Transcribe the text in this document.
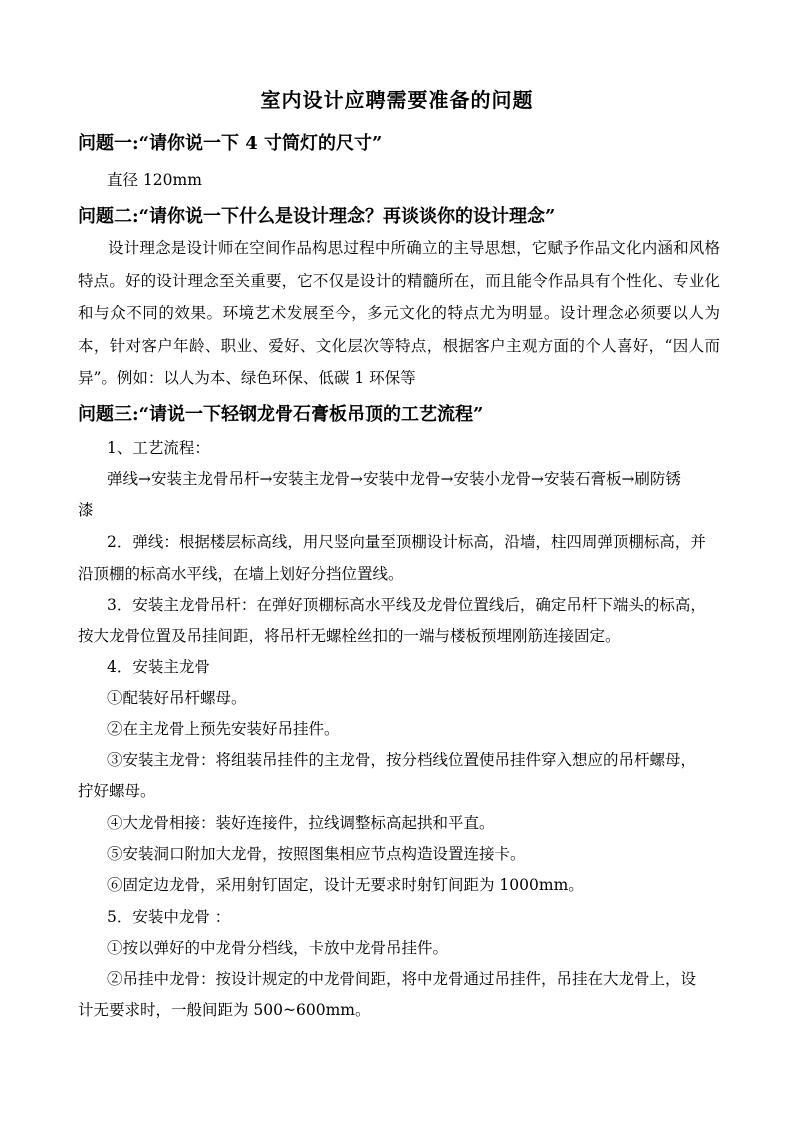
室内设计应聘需要准备的问题
问题一:“请你说一下 4 寸筒灯的尺寸”
直径 120mm
问题二:“请你说一下什么是设计理念？再谈谈你的设计理念”
设计理念是设计师在空间作品构思过程中所确立的主导思想，它赋予作品文化内涵和风格特点。好的设计理念至关重要，它不仅是设计的精髓所在，而且能令作品具有个性化、专业化和与众不同的效果。环境艺术发展至今，多元文化的特点尤为明显。设计理念必须要以人为本，针对客户年龄、职业、爱好、文化层次等特点，根据客户主观方面的个人喜好，“因人而异”。例如：以人为本、绿色环保、低碳 1 环保等
问题三:“请说一下轻钢龙骨石膏板吊顶的工艺流程”
1、工艺流程：
弹线→安装主龙骨吊杆→安装主龙骨→安装中龙骨→安装小龙骨→安装石膏板→刷防锈
漆
2．弹线：根据楼层标高线，用尺竖向量至顶棚设计标高，沿墙，柱四周弹顶棚标高，并
沿顶棚的标高水平线，在墙上划好分挡位置线。
3．安装主龙骨吊杆：在弹好顶棚标高水平线及龙骨位置线后，确定吊杆下端头的标高，
按大龙骨位置及吊挂间距，将吊杆无螺栓丝扣的一端与楼板预埋刚筋连接固定。
4．安装主龙骨
①配装好吊杆螺母。
②在主龙骨上预先安装好吊挂件。
③安装主龙骨：将组装吊挂件的主龙骨，按分档线位置使吊挂件穿入想应的吊杆螺母，
拧好螺母。
④大龙骨相接：装好连接件，拉线调整标高起拱和平直。
⑤安装洞口附加大龙骨，按照图集相应节点构造设置连接卡。
⑥固定边龙骨，采用射钉固定，设计无要求时射钉间距为 1000mm。
5．安装中龙骨 ：
①按以弹好的中龙骨分档线，卡放中龙骨吊挂件。
②吊挂中龙骨：按设计规定的中龙骨间距，将中龙骨通过吊挂件，吊挂在大龙骨上，设
计无要求时，一般间距为 500~600mm。
